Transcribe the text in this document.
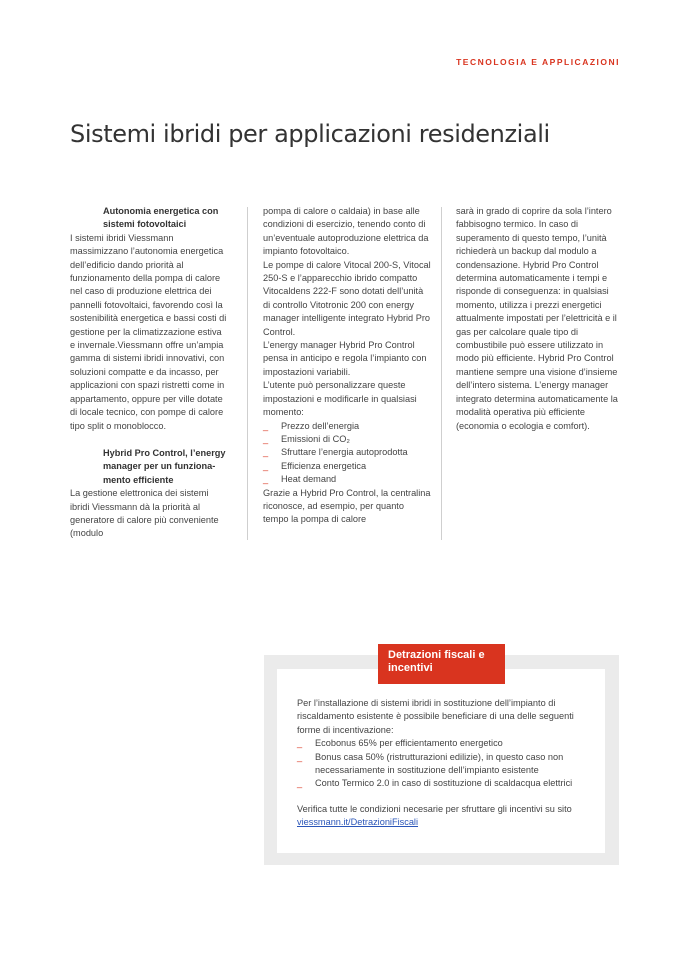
TECNOLOGIA E APPLICAZIONI
Sistemi ibridi per applicazioni residenziali

Autonomia energetica con sistemi fotovoltaici

I sistemi ibridi Viessmann massimizzano l’autonomia energetica dell’edificio dando priorità al funzionamento della pompa di calore nel caso di produzione elettrica dei pannelli fotovoltaici, favorendo così la sostenibilità energetica e bassi costi di gestione per la climatizzazione estiva e invernale.Viessmann offre un’ampia gamma di sistemi ibridi innovativi, con soluzioni compatte e da incasso, per applicazioni con spazi ristretti come in appartamento, oppure per ville dotate di locale tecnico, con pompe di calore tipo split o monoblocco.

Hybrid Pro Control, l’energy manager per un funziona-mento efficiente

La gestione elettronica dei sistemi ibridi Viessmann dà la priorità al generatore di calore più conveniente (modulo

pompa di calore o caldaia) in base alle condizioni di esercizio, tenendo conto di un’eventuale autoproduzione elettrica da impianto fotovoltaico.

Le pompe di calore Vitocal 200-S, Vitocal 250-S e l’apparecchio ibrido compatto Vitocaldens 222-F sono dotati dell’unità di controllo Vitotronic 200 con energy manager intelligente integrato Hybrid Pro Control.

L’energy manager Hybrid Pro Control pensa in anticipo e regola l’impianto con impostazioni variabili.

L’utente può personalizzare queste impostazioni e modificarle in qualsiasi momento:

_ Prezzo dell’energia
_ Emissioni di CO₂
_ Sfruttare l’energia autoprodotta
_ Efficienza energetica
_ Heat demand

Grazie a Hybrid Pro Control, la centralina riconosce, ad esempio, per quanto tempo la pompa di calore

sarà in grado di coprire da sola l’intero fabbisogno termico. In caso di superamento di questo tempo, l’unità richiederà un backup dal modulo a condensazione. Hybrid Pro Control determina automaticamente i tempi e risponde di conseguenza: in qualsiasi momento, utilizza i prezzi energetici attualmente impostati per l’elettricità e il gas per calcolare quale tipo di combustibile può essere utilizzato in modo più efficiente. Hybrid Pro Control mantiene sempre una visione d’insieme dell’intero sistema. L’energy manager integrato determina automaticamente la modalità operativa più efficiente (economia o ecologia e comfort).

Detrazioni fiscali e incentivi

Per l’installazione di sistemi ibridi in sostituzione dell’impianto di riscaldamento esistente è possibile beneficiare di una delle seguenti forme di incentivazione:

_ Ecobonus 65% per efficientamento energetico
_ Bonus casa 50% (ristrutturazioni edilizie), in questo caso non necessariamente in sostituzione dell’impianto esistente
_ Conto Termico 2.0 in caso di sostituzione di scaldacqua elettrici

Verifica tutte le condizioni necesarie per sfruttare gli incentivi su sito
viessmann.it/DetrazioniFiscali
